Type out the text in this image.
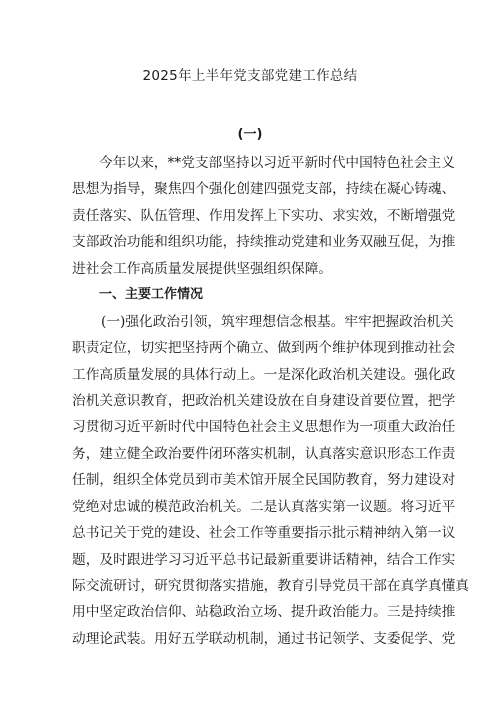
2025年上半年党支部党建工作总结
(一)
今年以来，**党支部坚持以习近平新时代中国特色社会主义
思想为指导，聚焦四个强化创建四强党支部，持续在凝心铸魂、
责任落实、队伍管理、作用发挥上下实功、求实效，不断增强党
支部政治功能和组织功能，持续推动党建和业务双融互促，为推
进社会工作高质量发展提供坚强组织保障。
一、主要工作情况
(一)强化政治引领，筑牢理想信念根基。牢牢把握政治机关
职责定位，切实把坚持两个确立、做到两个维护体现到推动社会
工作高质量发展的具体行动上。一是深化政治机关建设。强化政
治机关意识教育，把政治机关建设放在自身建设首要位置，把学
习贯彻习近平新时代中国特色社会主义思想作为一项重大政治任
务，建立健全政治要件闭环落实机制，认真落实意识形态工作责
任制，组织全体党员到市美术馆开展全民国防教育，努力建设对
党绝对忠诚的模范政治机关。二是认真落实第一议题。将习近平
总书记关于党的建设、社会工作等重要指示批示精神纳入第一议
题，及时跟进学习习近平总书记最新重要讲话精神，结合工作实
际交流研讨，研究贯彻落实措施，教育引导党员干部在真学真懂真
用中坚定政治信仰、站稳政治立场、提升政治能力。三是持续推
动理论武装。用好五学联动机制，通过书记领学、支委促学、党
